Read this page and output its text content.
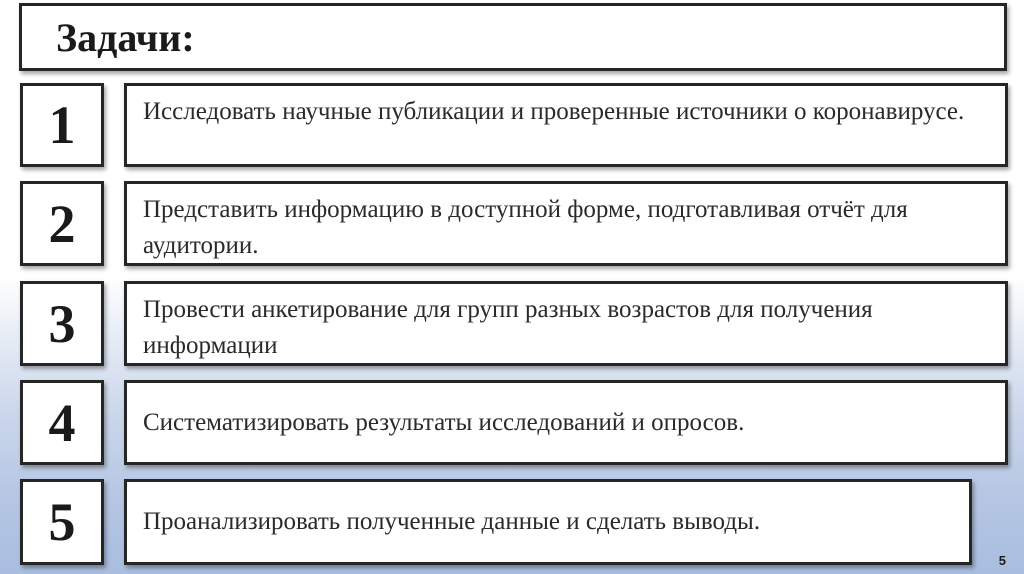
Задачи:
1	Исследовать научные публикации и проверенные источники о коронавирусе.
2	Представить информацию в доступной форме, подготавливая отчёт для аудитории.
3	Провести анкетирование для групп разных возрастов для получения информации
4	Систематизировать результаты исследований и опросов.
5	Проанализировать полученные данные и сделать выводы.
5
